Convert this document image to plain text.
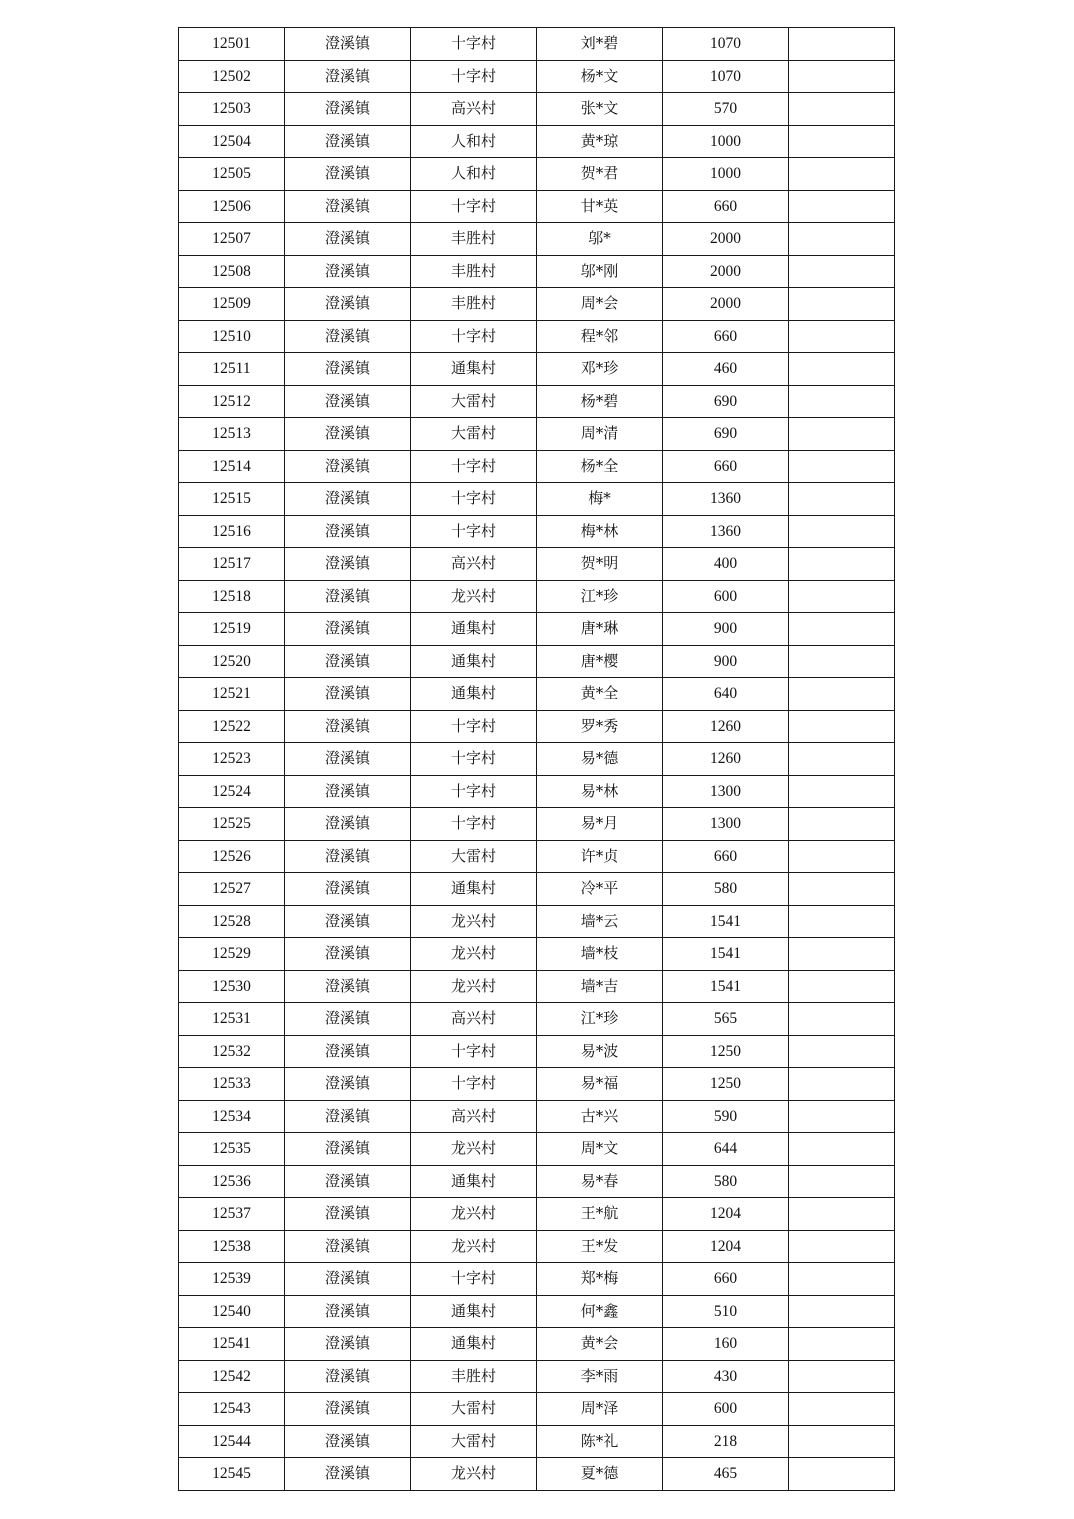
12501	澄溪镇	十字村	刘*碧	1070	
12502	澄溪镇	十字村	杨*文	1070	
12503	澄溪镇	高兴村	张*文	570	
12504	澄溪镇	人和村	黄*琼	1000	
12505	澄溪镇	人和村	贺*君	1000	
12506	澄溪镇	十字村	甘*英	660	
12507	澄溪镇	丰胜村	邬*	2000	
12508	澄溪镇	丰胜村	邬*刚	2000	
12509	澄溪镇	丰胜村	周*会	2000	
12510	澄溪镇	十字村	程*邻	660	
12511	澄溪镇	通集村	邓*珍	460	
12512	澄溪镇	大雷村	杨*碧	690	
12513	澄溪镇	大雷村	周*清	690	
12514	澄溪镇	十字村	杨*全	660	
12515	澄溪镇	十字村	梅*	1360	
12516	澄溪镇	十字村	梅*林	1360	
12517	澄溪镇	高兴村	贺*明	400	
12518	澄溪镇	龙兴村	江*珍	600	
12519	澄溪镇	通集村	唐*琳	900	
12520	澄溪镇	通集村	唐*樱	900	
12521	澄溪镇	通集村	黄*全	640	
12522	澄溪镇	十字村	罗*秀	1260	
12523	澄溪镇	十字村	易*德	1260	
12524	澄溪镇	十字村	易*林	1300	
12525	澄溪镇	十字村	易*月	1300	
12526	澄溪镇	大雷村	许*贞	660	
12527	澄溪镇	通集村	冷*平	580	
12528	澄溪镇	龙兴村	墙*云	1541	
12529	澄溪镇	龙兴村	墙*枝	1541	
12530	澄溪镇	龙兴村	墙*吉	1541	
12531	澄溪镇	高兴村	江*珍	565	
12532	澄溪镇	十字村	易*波	1250	
12533	澄溪镇	十字村	易*福	1250	
12534	澄溪镇	高兴村	古*兴	590	
12535	澄溪镇	龙兴村	周*文	644	
12536	澄溪镇	通集村	易*春	580	
12537	澄溪镇	龙兴村	王*航	1204	
12538	澄溪镇	龙兴村	王*发	1204	
12539	澄溪镇	十字村	郑*梅	660	
12540	澄溪镇	通集村	何*鑫	510	
12541	澄溪镇	通集村	黄*会	160	
12542	澄溪镇	丰胜村	李*雨	430	
12543	澄溪镇	大雷村	周*泽	600	
12544	澄溪镇	大雷村	陈*礼	218	
12545	澄溪镇	龙兴村	夏*德	465	
